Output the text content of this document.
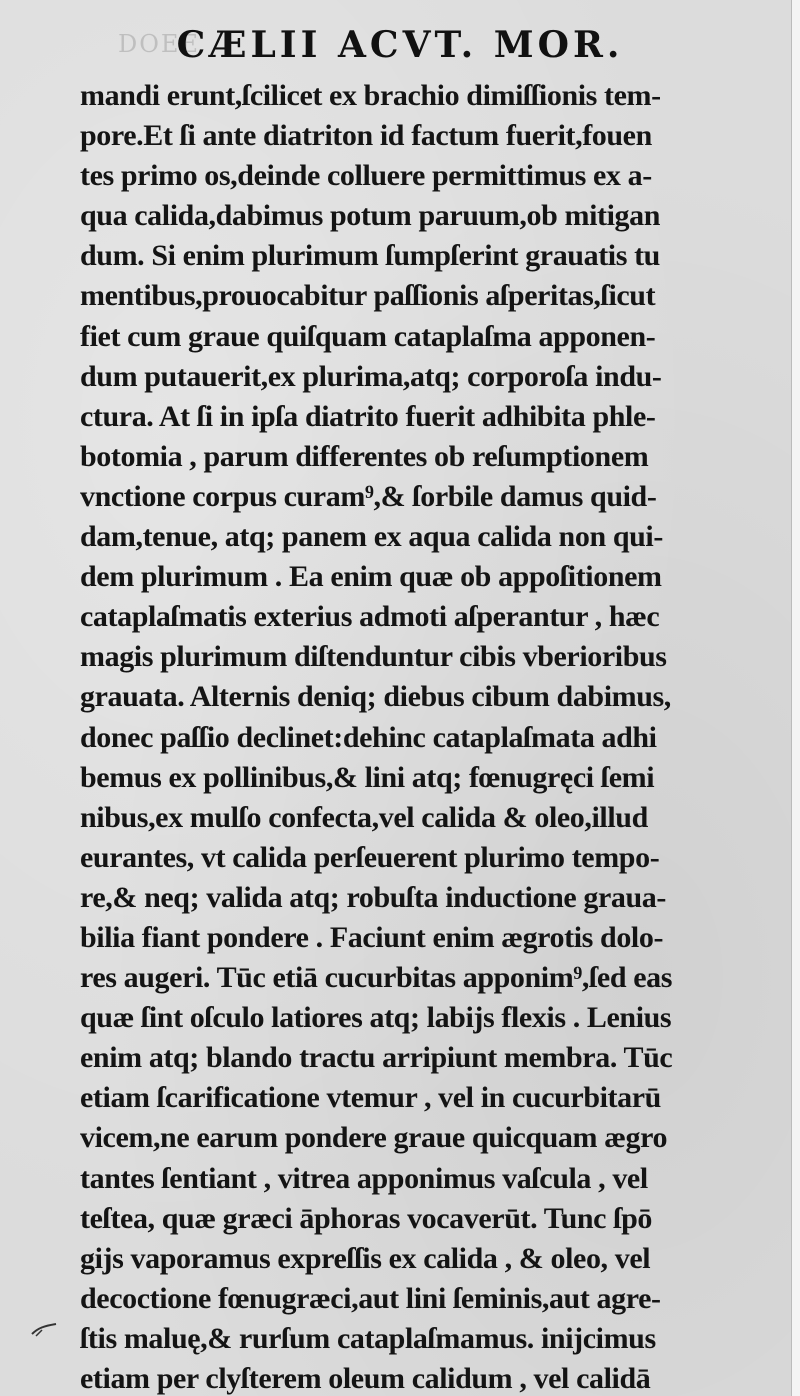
DOEE
CÆLII ACVT. MOR.
mandi erunt,ſcilicet ex brachio dimiſſionis tem-
pore.Et ſi ante diatriton id factum fuerit,fouen
tes primo os,deinde colluere permittimus ex a-
qua calida,dabimus potum paruum,ob mitigan
dum. Si enim plurimum ſumpſerint grauatis tu
mentibus,prouocabitur paſſionis aſperitas,ſicut
fiet cum graue quiſquam cataplaſma apponen-
dum putauerit,ex plurima,atq; corporoſa indu-
ctura. At ſi in ipſa diatrito fuerit adhibita phle-
botomia , parum differentes ob reſumptionem
vnctione corpus curam⁹,& ſorbile damus quid-
dam,tenue, atq; panem ex aqua calida non qui-
dem plurimum . Ea enim quæ ob appoſitionem
cataplaſmatis exterius admoti aſperantur , hæc
magis plurimum diſtenduntur cibis vberioribus
grauata. Alternis deniq; diebus cibum dabimus,
donec paſſio declinet:dehinc cataplaſmata adhi
bemus ex pollinibus,& lini atq; fœnugręci ſemi
nibus,ex mulſo confecta,vel calida & oleo,illud
eurantes, vt calida perſeuerent plurimo tempo-
re,& neq; valida atq; robuſta inductione graua-
bilia fiant pondere . Faciunt enim ægrotis dolo-
res augeri. Tūc etiā cucurbitas apponim⁹,ſed eas
quæ ſint oſculo latiores atq; labijs flexis . Lenius
enim atq; blando tractu arripiunt membra. Tūc
etiam ſcarificatione vtemur , vel in cucurbitarū
vicem,ne earum pondere graue quicquam ægro
tantes ſentiant , vitrea apponimus vaſcula , vel
teſtea, quæ græci āphoras vocaverūt. Tunc ſpō
gijs vaporamus expreſſis ex calida , & oleo, vel
decoctione fœnugræci,aut lini ſeminis,aut agre-
ſtis maluę,& rurſum cataplaſmamus. inijcimus
etiam per clyſterem oleum calidum , vel calidā
